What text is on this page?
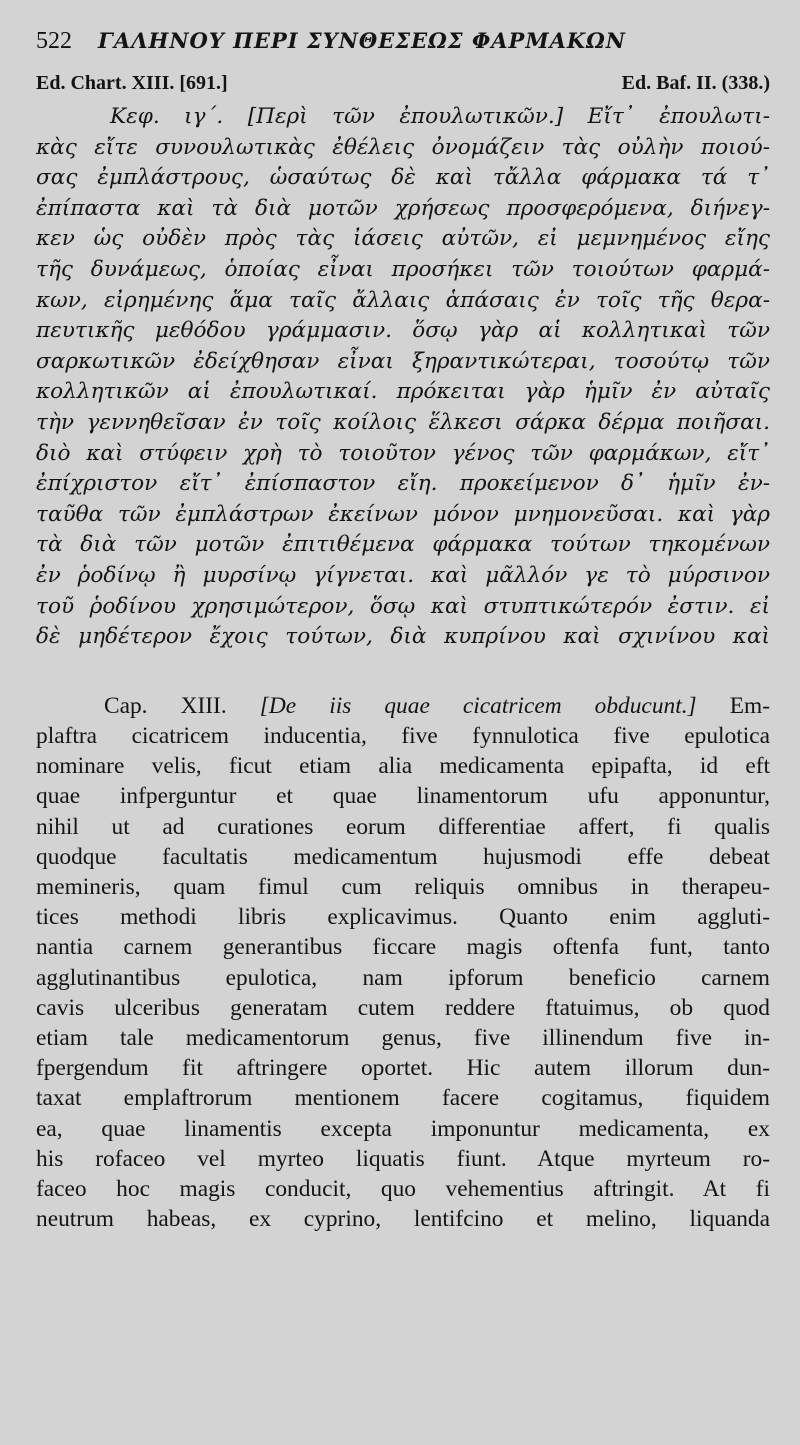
522 ΓΑΛΗΝΟΥ ΠΕΡΙ ΣΥΝΘΕΣΕΩΣ ΦΑΡΜΑΚΩΝ
Ed. Chart. XIII. [691.]	Ed. Baf. II. (338.)
Κεφ. ιγ΄. [Περὶ τῶν ἐπουλωτικῶν.] Εἴτ᾽ ἐπουλωτι-
κὰς εἴτε συνουλωτικὰς ἐθέλεις ὀνομάζειν τὰς οὐλὴν ποιού-
σας ἐμπλάστρους, ὡσαύτως δὲ καὶ τἄλλα φάρμακα τά τ᾽
ἐπίπαστα καὶ τὰ διὰ μοτῶν χρήσεως προσφερόμενα, διήνεγ-
κεν ὡς οὐδὲν πρὸς τὰς ἰάσεις αὐτῶν, εἰ μεμνημένος εἴης
τῆς δυνάμεως, ὁποίας εἶναι προσήκει τῶν τοιούτων φαρμά-
κων, εἰρημένης ἅμα ταῖς ἄλλαις ἁπάσαις ἐν τοῖς τῆς θερα-
πευτικῆς μεθόδου γράμμασιν. ὅσῳ γὰρ αἱ κολλητικαὶ τῶν
σαρκωτικῶν ἐδείχθησαν εἶναι ξηραντικώτεραι, τοσούτῳ τῶν
κολλητικῶν αἱ ἐπουλωτικαί. πρόκειται γὰρ ἡμῖν ἐν αὐταῖς
τὴν γεννηθεῖσαν ἐν τοῖς κοίλοις ἕλκεσι σάρκα δέρμα ποιῆσαι.
διὸ καὶ στύφειν χρὴ τὸ τοιοῦτον γένος τῶν φαρμάκων, εἴτ᾽
ἐπίχριστον εἴτ᾽ ἐπίσπαστον εἴη. προκείμενον δ᾽ ἡμῖν ἐν-
ταῦθα τῶν ἐμπλάστρων ἐκείνων μόνον μνημονεῦσαι. καὶ γὰρ
τὰ διὰ τῶν μοτῶν ἐπιτιθέμενα φάρμακα τούτων τηκομένων
ἐν ῥοδίνῳ ἢ μυρσίνῳ γίγνεται. καὶ μᾶλλόν γε τὸ μύρσινον
τοῦ ῥοδίνου χρησιμώτερον, ὅσῳ καὶ στυπτικώτερόν ἐστιν. εἰ
δὲ μηδέτερον ἔχοις τούτων, διὰ κυπρίνου καὶ σχινίνου καὶ
Cap. XIII. [De iis quae cicatricem obducunt.] Em-
plaftra cicatricem inducentia, five fynnulotica five epulotica
nominare velis, ficut etiam alia medicamenta epipafta, id eft
quae infperguntur et quae linamentorum ufu apponuntur,
nihil ut ad curationes eorum differentiae affert, fi qualis
quodque facultatis medicamentum hujusmodi effe debeat
memineris, quam fimul cum reliquis omnibus in therapeu-
tices methodi libris explicavimus. Quanto enim aggluti-
nantia carnem generantibus ficcare magis oftenfa funt, tanto
agglutinantibus epulotica, nam ipforum beneficio carnem
cavis ulceribus generatam cutem reddere ftatuimus, ob quod
etiam tale medicamentorum genus, five illinendum five in-
fpergendum fit aftringere oportet. Hic autem illorum dun-
taxat emplaftrorum mentionem facere cogitamus, fiquidem
ea, quae linamentis excepta imponuntur medicamenta, ex
his rofaceo vel myrteo liquatis fiunt. Atque myrteum ro-
faceo hoc magis conducit, quo vehementius aftringit. At fi
neutrum habeas, ex cyprino, lentifcino et melino, liquanda
